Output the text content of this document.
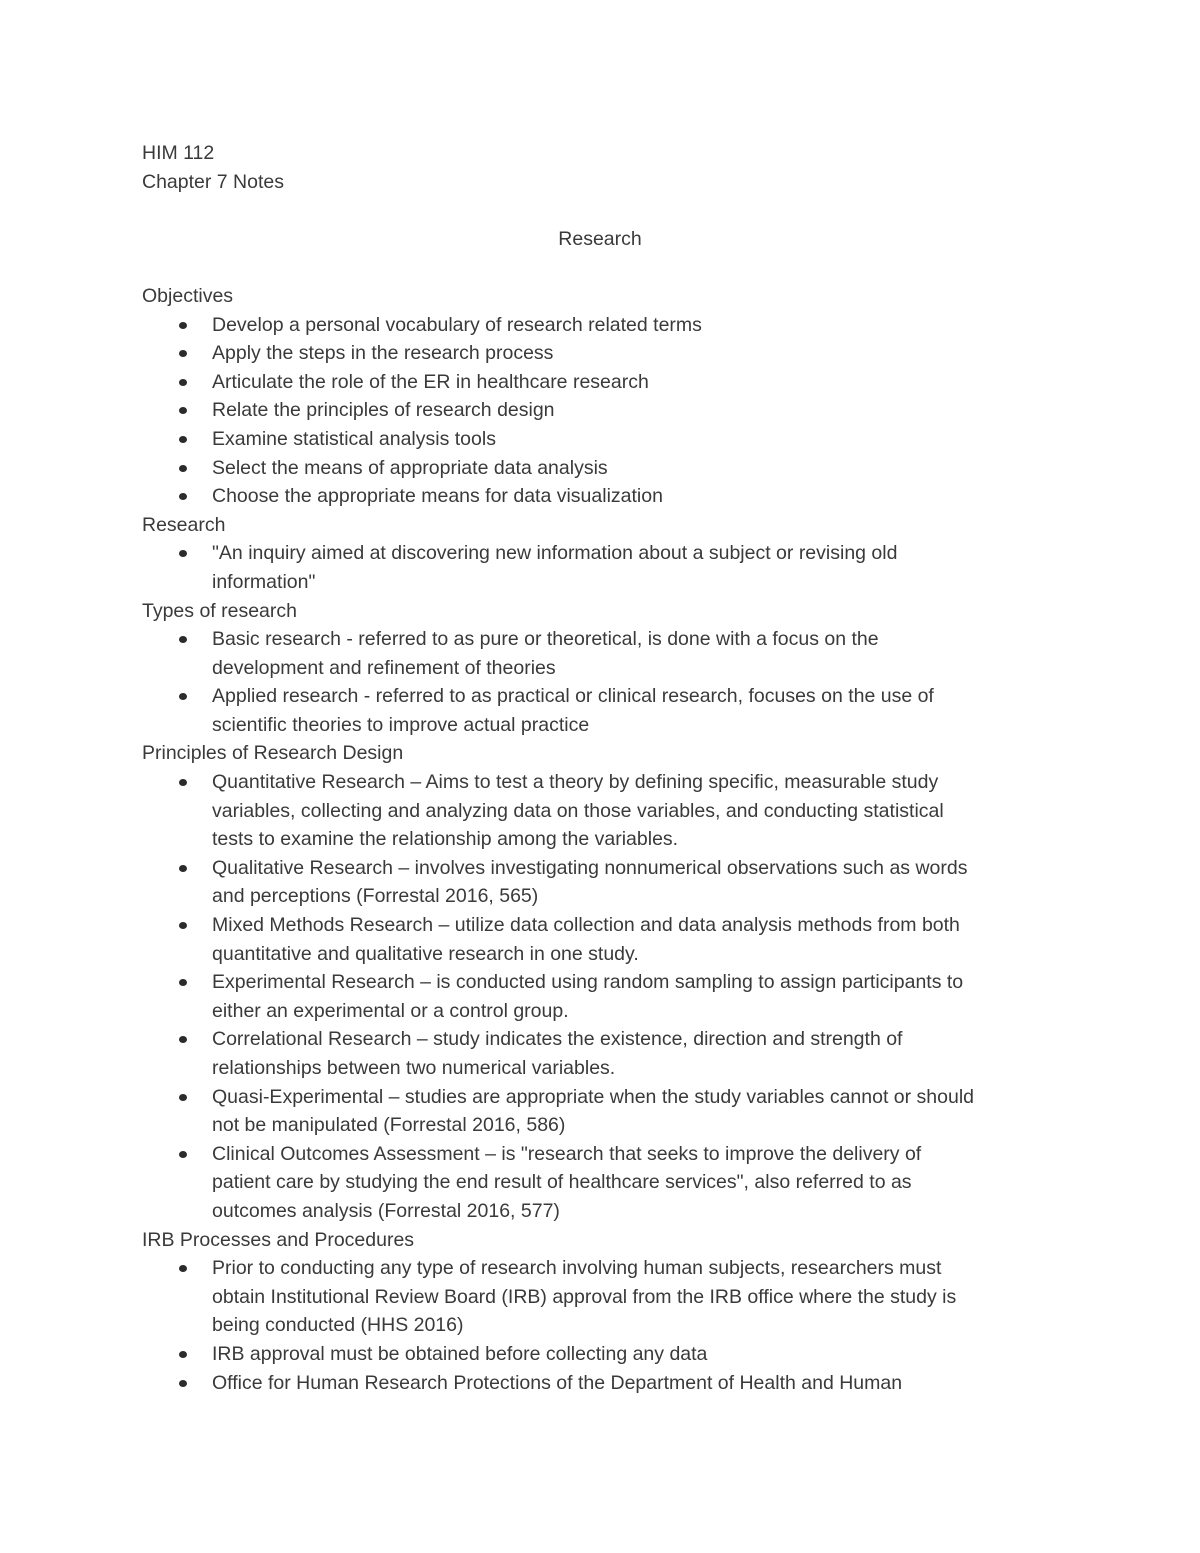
HIM 112

Chapter 7 Notes

Research

Objectives

Develop a personal vocabulary of research related terms
Apply the steps in the research process
Articulate the role of the ER in healthcare research
Relate the principles of research design
Examine statistical analysis tools
Select the means of appropriate data analysis
Choose the appropriate means for data visualization

Research

"An inquiry aimed at discovering new information about a subject or revising old
information"

Types of research

Basic research - referred to as pure or theoretical, is done with a focus on the
development and refinement of theories
Applied research - referred to as practical or clinical research, focuses on the use of
scientific theories to improve actual practice

Principles of Research Design

Quantitative Research – Aims to test a theory by defining specific, measurable study
variables, collecting and analyzing data on those variables, and conducting statistical
tests to examine the relationship among the variables.
Qualitative Research – involves investigating nonnumerical observations such as words
and perceptions (Forrestal 2016, 565)
Mixed Methods Research – utilize data collection and data analysis methods from both
quantitative and qualitative research in one study.
Experimental Research – is conducted using random sampling to assign participants to
either an experimental or a control group.
Correlational Research – study indicates the existence, direction and strength of
relationships between two numerical variables.
Quasi-Experimental – studies are appropriate when the study variables cannot or should
not be manipulated (Forrestal 2016, 586)
Clinical Outcomes Assessment – is "research that seeks to improve the delivery of
patient care by studying the end result of healthcare services", also referred to as
outcomes analysis (Forrestal 2016, 577)

IRB Processes and Procedures

Prior to conducting any type of research involving human subjects, researchers must
obtain Institutional Review Board (IRB) approval from the IRB office where the study is
being conducted (HHS 2016)
IRB approval must be obtained before collecting any data
Office for Human Research Protections of the Department of Health and Human
